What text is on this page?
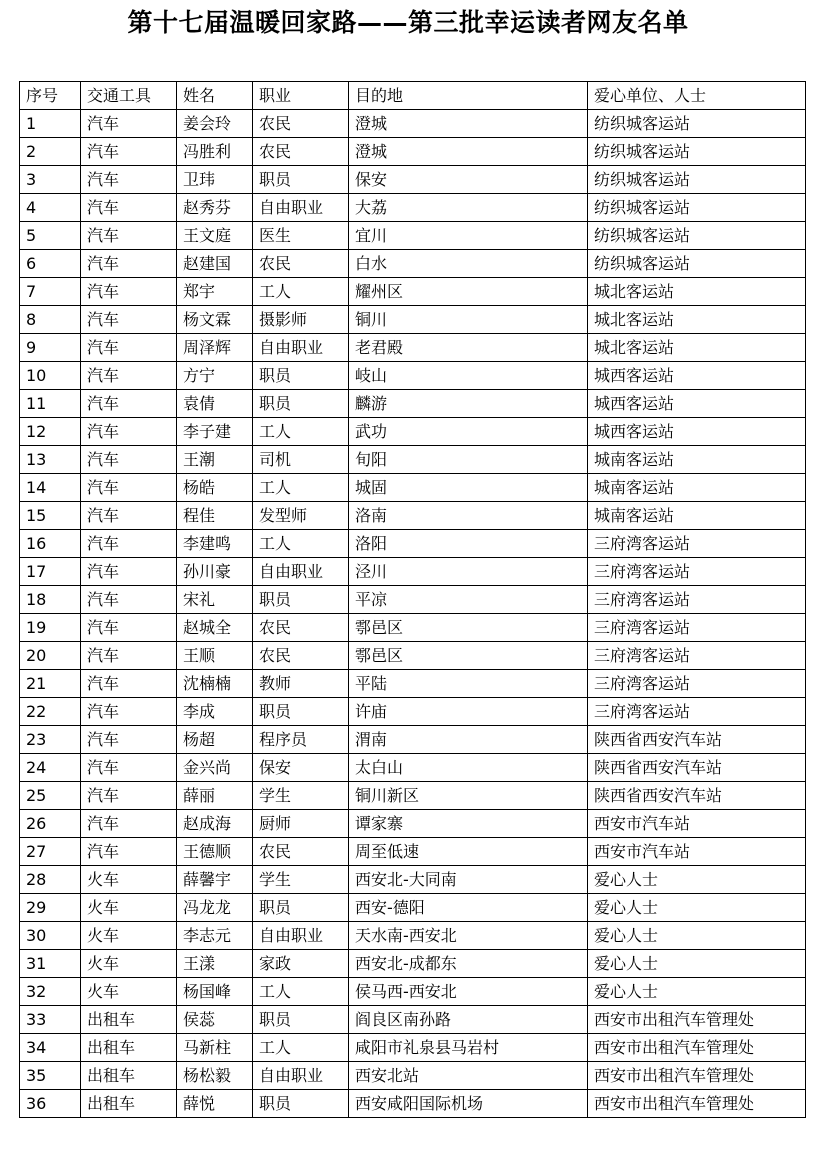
第十七届温暖回家路——第三批幸运读者网友名单
序号	交通工具	姓名	职业	目的地	爱心单位、人士
1	汽车	姜会玲	农民	澄城	纺织城客运站
2	汽车	冯胜利	农民	澄城	纺织城客运站
3	汽车	卫玮	职员	保安	纺织城客运站
4	汽车	赵秀芬	自由职业	大荔	纺织城客运站
5	汽车	王文庭	医生	宜川	纺织城客运站
6	汽车	赵建国	农民	白水	纺织城客运站
7	汽车	郑宇	工人	耀州区	城北客运站
8	汽车	杨文霖	摄影师	铜川	城北客运站
9	汽车	周泽辉	自由职业	老君殿	城北客运站
10	汽车	方宁	职员	岐山	城西客运站
11	汽车	袁倩	职员	麟游	城西客运站
12	汽车	李子建	工人	武功	城西客运站
13	汽车	王潮	司机	旬阳	城南客运站
14	汽车	杨皓	工人	城固	城南客运站
15	汽车	程佳	发型师	洛南	城南客运站
16	汽车	李建鸣	工人	洛阳	三府湾客运站
17	汽车	孙川豪	自由职业	泾川	三府湾客运站
18	汽车	宋礼	职员	平凉	三府湾客运站
19	汽车	赵城全	农民	鄠邑区	三府湾客运站
20	汽车	王顺	农民	鄠邑区	三府湾客运站
21	汽车	沈楠楠	教师	平陆	三府湾客运站
22	汽车	李成	职员	许庙	三府湾客运站
23	汽车	杨超	程序员	渭南	陕西省西安汽车站
24	汽车	金兴尚	保安	太白山	陕西省西安汽车站
25	汽车	薛丽	学生	铜川新区	陕西省西安汽车站
26	汽车	赵成海	厨师	谭家寨	西安市汽车站
27	汽车	王德顺	农民	周至低速	西安市汽车站
28	火车	薛馨宇	学生	西安北-大同南	爱心人士
29	火车	冯龙龙	职员	西安-德阳	爱心人士
30	火车	李志元	自由职业	天水南-西安北	爱心人士
31	火车	王漾	家政	西安北-成都东	爱心人士
32	火车	杨国峰	工人	侯马西-西安北	爱心人士
33	出租车	侯蕊	职员	阎良区南孙路	西安市出租汽车管理处
34	出租车	马新柱	工人	咸阳市礼泉县马岩村	西安市出租汽车管理处
35	出租车	杨松毅	自由职业	西安北站	西安市出租汽车管理处
36	出租车	薛悦	职员	西安咸阳国际机场	西安市出租汽车管理处
